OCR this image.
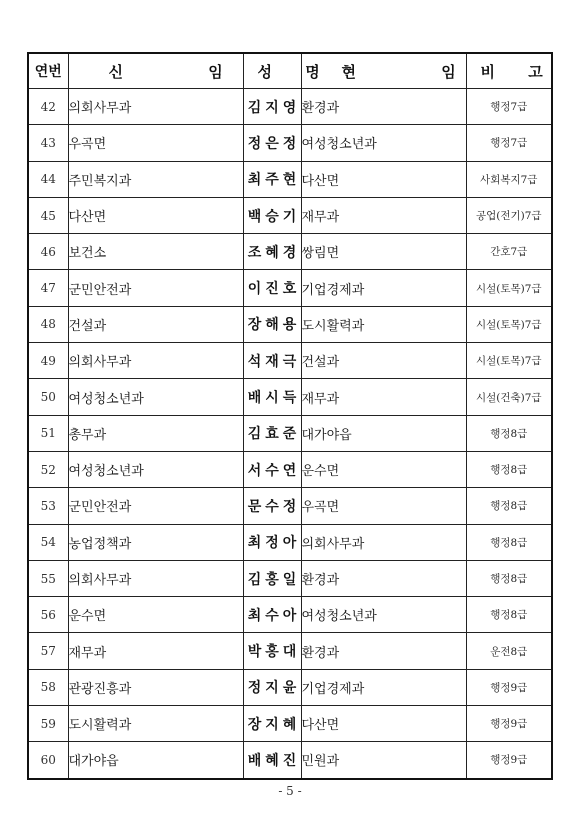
연번	신 임	성 명	현 임	비 고
42	의회사무과	김지영	환경과	행정7급
43	우곡면	정은정	여성청소년과	행정7급
44	주민복지과	최주현	다산면	사회복지7급
45	다산면	백승기	재무과	공업(전기)7급
46	보건소	조혜경	쌍림면	간호7급
47	군민안전과	이진호	기업경제과	시설(토목)7급
48	건설과	장해용	도시활력과	시설(토목)7급
49	의회사무과	석재극	건설과	시설(토목)7급
50	여성청소년과	배시득	재무과	시설(건축)7급
51	총무과	김효준	대가야읍	행정8급
52	여성청소년과	서수연	운수면	행정8급
53	군민안전과	문수정	우곡면	행정8급
54	농업정책과	최정아	의회사무과	행정8급
55	의회사무과	김홍일	환경과	행정8급
56	운수면	최수아	여성청소년과	행정8급
57	재무과	박홍대	환경과	운전8급
58	관광진흥과	정지윤	기업경제과	행정9급
59	도시활력과	장지혜	다산면	행정9급
60	대가야읍	배혜진	민원과	행정9급
- 5 -
